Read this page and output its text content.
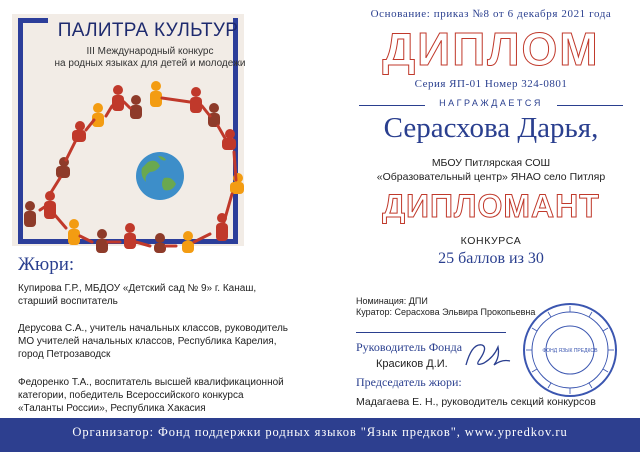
ПАЛИТРА КУЛЬТУР
III Международный конкурс
на родных языках для детей и молодежи
Жюри:
Купирова Г.Р., МБДОУ «Детский сад № 9» г. Канаш,
старший воспитатель
Дерусова С.А., учитель начальных классов, руководитель
МО учителей начальных классов, Республика Карелия,
город Петрозаводск
Федоренко Т.А., воспитатель высшей квалификационной
категории, победитель Всероссийского конкурса
«Таланты России», Республика Хакасия
Основание: приказ №8 от 6 декабря 2021 года
ДИПЛОМ
Серия ЯП-01 Номер 324-0801
НАГРАЖДАЕТСЯ
Серасхова Дарья,
МБОУ Питлярская СОШ
«Образовательный центр» ЯНАО село Питляр
ДИПЛОМАНТ
КОНКУРСА
25 баллов из 30
Номинация: ДПИ
Куратор: Серасхова Эльвира Прокопьевна
Руководитель Фонда
Красиков Д.И.
Председатель жюри:
Мадагаева Е. Н., руководитель секций конкурсов
ФОНД ЯЗЫК ПРЕДКОВ
Организатор: Фонд поддержки родных языков "Язык предков", www.ypredkov.ru
